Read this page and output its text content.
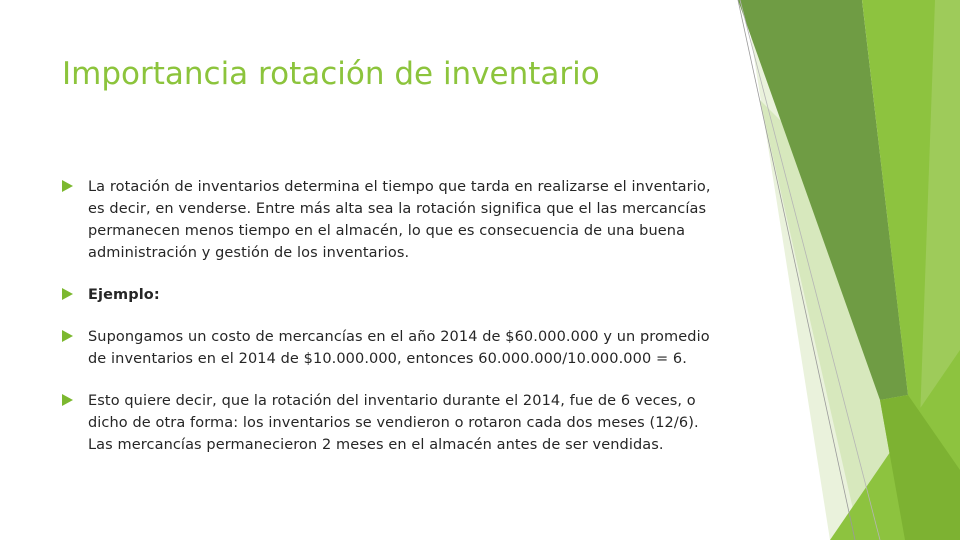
Importancia rotación de inventario
La rotación de inventarios determina el tiempo que tarda en realizarse el inventario, es decir, en venderse. Entre más alta sea la rotación significa que el las mercancías permanecen menos tiempo en el almacén, lo que es consecuencia de una buena administración y gestión de los inventarios.
Ejemplo:
Supongamos un costo de mercancías en el año 2014 de $60.000.000 y un promedio de inventarios en el 2014 de $10.000.000, entonces 60.000.000/10.000.000 = 6.
Esto quiere decir, que la rotación del inventario durante el 2014, fue de 6 veces, o dicho de otra forma: los inventarios se vendieron o rotaron cada dos meses (12/6). Las mercancías permanecieron 2 meses en el almacén antes de ser vendidas.
